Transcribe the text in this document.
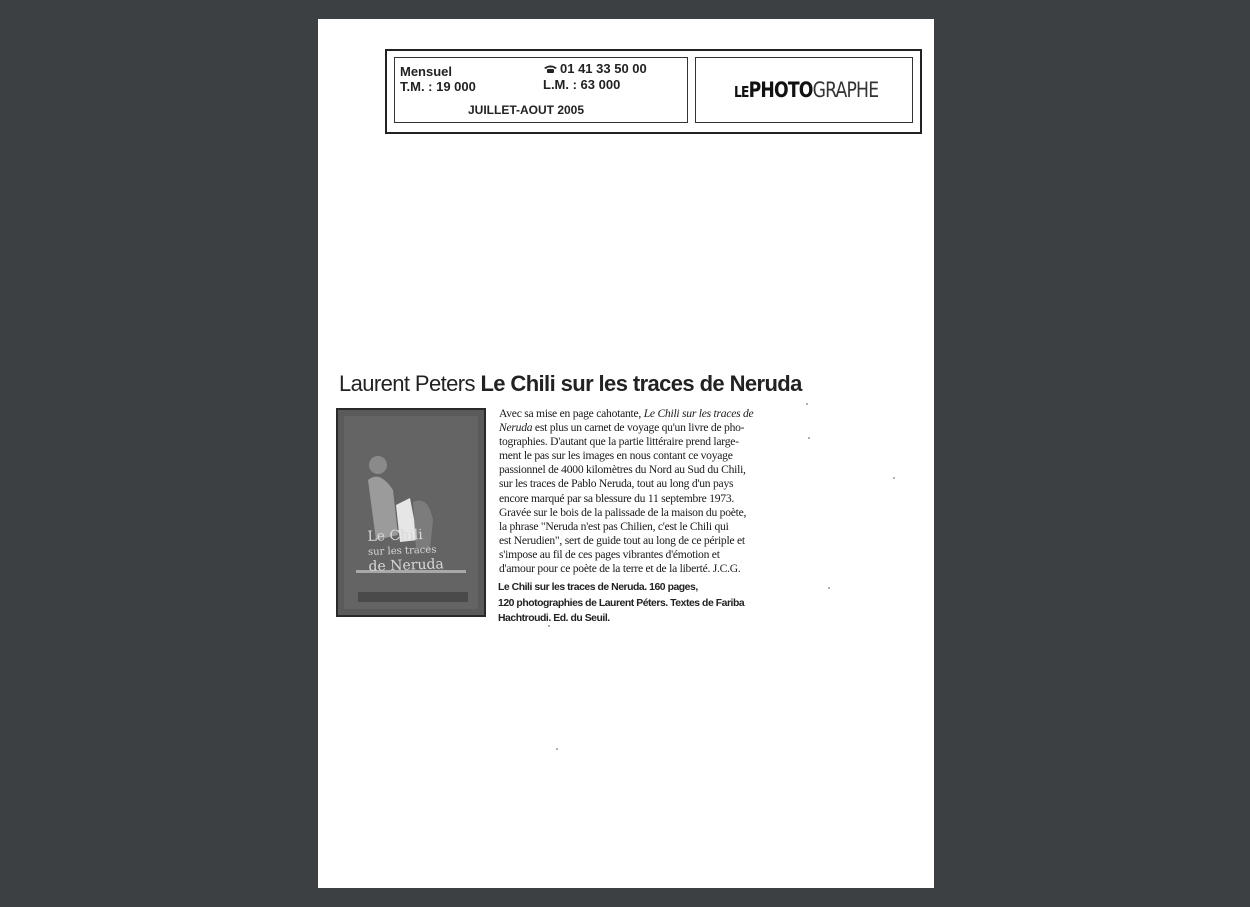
Mensuel
T.M. : 19 000
01 41 33 50 00
L.M. : 63 000
JUILLET-AOUT 2005
LEPHOTOGRAPHE
Laurent Peters Le Chili sur les traces de Neruda
Le Chili
sur les traces
de Neruda
Avec sa mise en page cahotante, Le Chili sur les traces de
Neruda est plus un carnet de voyage qu'un livre de pho-
tographies. D'autant que la partie littéraire prend large-
ment le pas sur les images en nous contant ce voyage
passionnel de 4000 kilomètres du Nord au Sud du Chili,
sur les traces de Pablo Neruda, tout au long d'un pays
encore marqué par sa blessure du 11 septembre 1973.
Gravée sur le bois de la palissade de la maison du poète,
la phrase "Neruda n'est pas Chilien, c'est le Chili qui
est Nerudien", sert de guide tout au long de ce périple et
s'impose au fil de ces pages vibrantes d'émotion et
d'amour pour ce poète de la terre et de la liberté. J.C.G.
Le Chili sur les traces de Neruda. 160 pages,
120 photographies de Laurent Péters. Textes de Fariba
Hachtroudi. Ed. du Seuil.
